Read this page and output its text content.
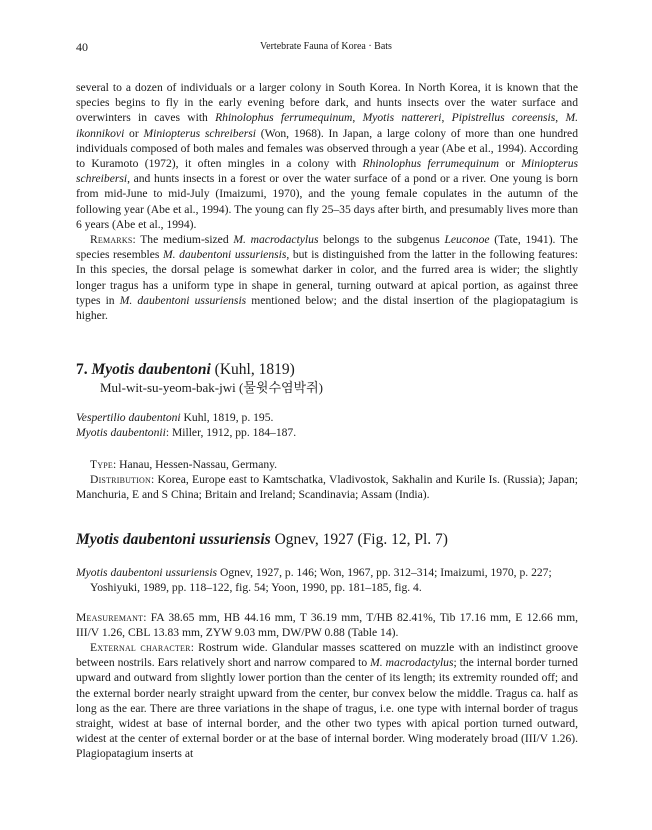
40	Vertebrate Fauna of Korea · Bats

several to a dozen of individuals or a larger colony in South Korea. In North Korea, it is known that the species begins to fly in the early evening before dark, and hunts insects over the water surface and overwinters in caves with Rhinolophus ferrumequinum, Myotis nattereri, Pipistrellus coreensis, M. ikonnikovi or Miniopterus schreibersi (Won, 1968). In Japan, a large colony of more than one hundred individuals composed of both males and females was observed through a year (Abe et al., 1994). According to Kuramoto (1972), it often mingles in a colony with Rhinolophus ferrumequinum or Miniopterus schreibersi, and hunts insects in a forest or over the water surface of a pond or a river. One young is born from mid-June to mid-July (Imaizumi, 1970), and the young female copulates in the autumn of the following year (Abe et al., 1994). The young can fly 25–35 days after birth, and presumably lives more than 6 years (Abe et al., 1994).

Remarks: The medium-sized M. macrodactylus belongs to the subgenus Leuconoe (Tate, 1941). The species resembles M. daubentoni ussuriensis, but is distinguished from the latter in the following features: In this species, the dorsal pelage is somewhat darker in color, and the furred area is wider; the slightly longer tragus has a uniform type in shape in general, turning outward at apical portion, as against three types in M. daubentoni ussuriensis mentioned below; and the distal insertion of the plagiopatagium is higher.

7. Myotis daubentoni (Kuhl, 1819)
Mul-wit-su-yeom-bak-jwi (물윗수염박쥐)
Vespertilio daubentoni Kuhl, 1819, p. 195.
Myotis daubentonii: Miller, 1912, pp. 184–187.

Type: Hanau, Hessen-Nassau, Germany.

Distribution: Korea, Europe east to Kamtschatka, Vladivostok, Sakhalin and Kurile Is. (Russia); Japan; Manchuria, E and S China; Britain and Ireland; Scandinavia; Assam (India).

Myotis daubentoni ussuriensis Ognev, 1927 (Fig. 12, Pl. 7)

Myotis daubentoni ussuriensis Ognev, 1927, p. 146; Won, 1967, pp. 312–314; Imaizumi, 1970, p. 227; Yoshiyuki, 1989, pp. 118–122, fig. 54; Yoon, 1990, pp. 181–185, fig. 4.

Measuremant: FA 38.65 mm, HB 44.16 mm, T 36.19 mm, T/HB 82.41%, Tib 17.16 mm, E 12.66 mm, III/V 1.26, CBL 13.83 mm, ZYW 9.03 mm, DW/PW 0.88 (Table 14).

External character: Rostrum wide. Glandular masses scattered on muzzle with an indistinct groove between nostrils. Ears relatively short and narrow compared to M. macrodactylus; the internal border turned upward and outward from slightly lower portion than the center of its length; its extremity rounded off; and the external border nearly straight upward from the center, bur convex below the middle. Tragus ca. half as long as the ear. There are three variations in the shape of tragus, i.e. one type with internal border of tragus straight, widest at base of internal border, and the other two types with apical portion turned outward, widest at the center of external border or at the base of internal border. Wing moderately broad (III/V 1.26). Plagiopatagium inserts at
